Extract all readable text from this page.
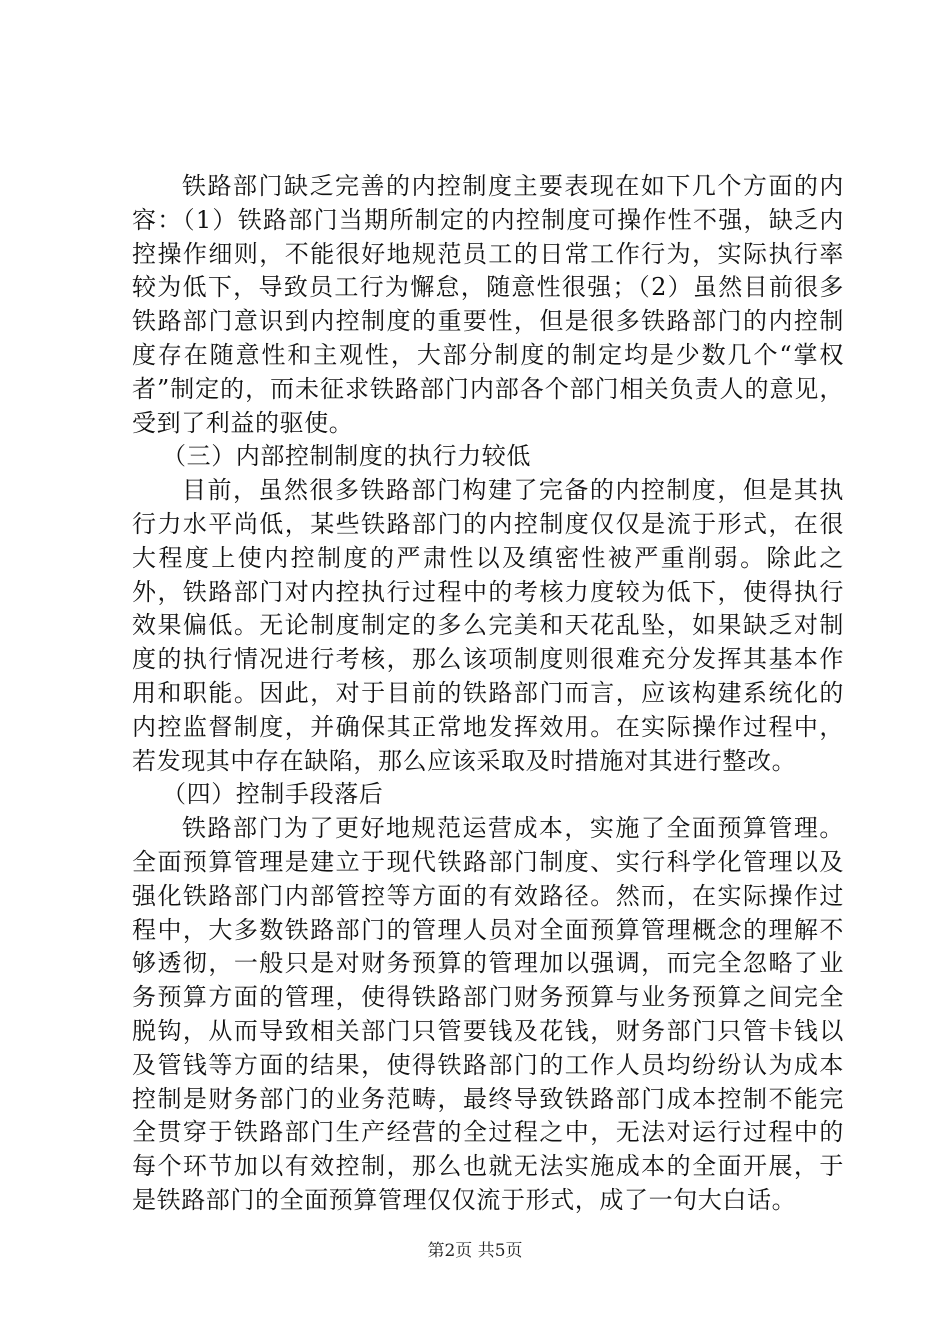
铁路部门缺乏完善的内控制度主要表现在如下几个方面的内容：（1）铁路部门当期所制定的内控制度可操作性不强，缺乏内控操作细则，不能很好地规范员工的日常工作行为，实际执行率较为低下，导致员工行为懈怠，随意性很强；（2）虽然目前很多铁路部门意识到内控制度的重要性，但是很多铁路部门的内控制度存在随意性和主观性，大部分制度的制定均是少数几个“掌权者”制定的，而未征求铁路部门内部各个部门相关负责人的意见，受到了利益的驱使。

（三）内部控制制度的执行力较低

目前，虽然很多铁路部门构建了完备的内控制度，但是其执行力水平尚低，某些铁路部门的内控制度仅仅是流于形式，在很大程度上使内控制度的严肃性以及缜密性被严重削弱。除此之外，铁路部门对内控执行过程中的考核力度较为低下，使得执行效果偏低。无论制度制定的多么完美和天花乱坠，如果缺乏对制度的执行情况进行考核，那么该项制度则很难充分发挥其基本作用和职能。因此，对于目前的铁路部门而言，应该构建系统化的内控监督制度，并确保其正常地发挥效用。在实际操作过程中，若发现其中存在缺陷，那么应该采取及时措施对其进行整改。

（四）控制手段落后

铁路部门为了更好地规范运营成本，实施了全面预算管理。全面预算管理是建立于现代铁路部门制度、实行科学化管理以及强化铁路部门内部管控等方面的有效路径。然而，在实际操作过程中，大多数铁路部门的管理人员对全面预算管理概念的理解不够透彻，一般只是对财务预算的管理加以强调，而完全忽略了业务预算方面的管理，使得铁路部门财务预算与业务预算之间完全脱钩，从而导致相关部门只管要钱及花钱，财务部门只管卡钱以及管钱等方面的结果，使得铁路部门的工作人员均纷纷认为成本控制是财务部门的业务范畴，最终导致铁路部门成本控制不能完全贯穿于铁路部门生产经营的全过程之中，无法对运行过程中的每个环节加以有效控制，那么也就无法实施成本的全面开展，于是铁路部门的全面预算管理仅仅流于形式，成了一句大白话。

第2页 共5页
